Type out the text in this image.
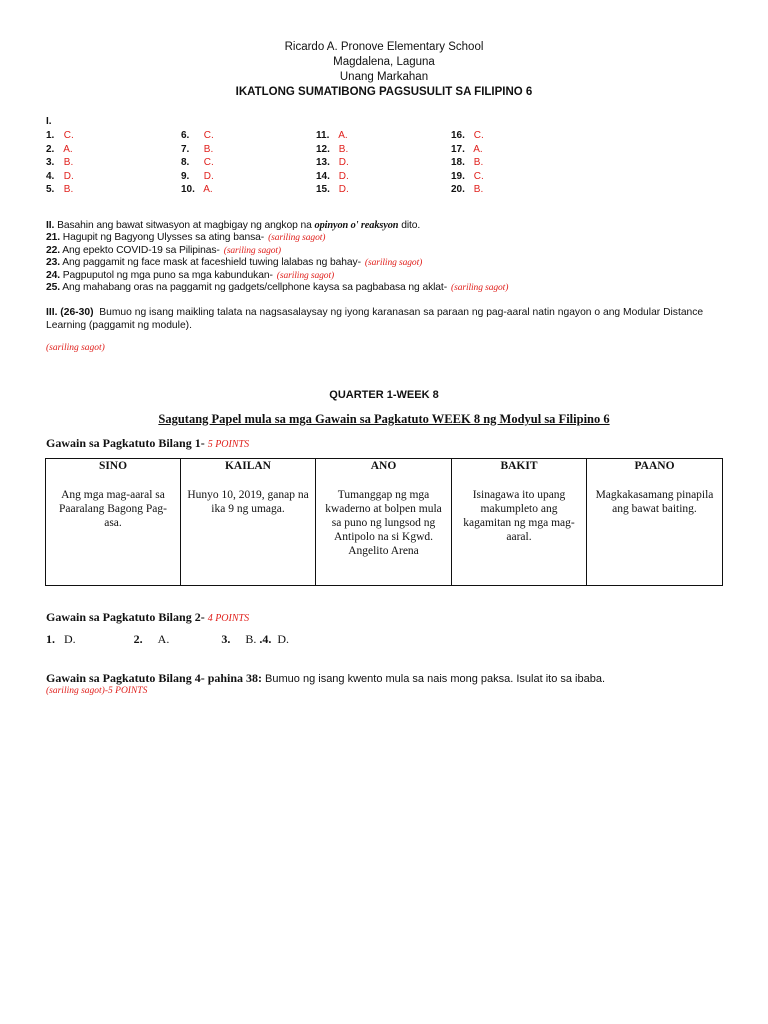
Ricardo A. Pronove Elementary School
Magdalena, Laguna
Unang Markahan
IKATLONG SUMATIBONG PAGSUSULIT SA FILIPINO 6
I.
1. C.
2. A.
3. B.
4. D.
5. B.
6. C.
7. B.
8. C.
9. D.
10. A.
11. A.
12. B.
13. D.
14. D.
15. D.
16. C.
17. A.
18. B.
19. C.
20. B.
II. Basahin ang bawat sitwasyon at magbigay ng angkop na opinyon o' reaksyon dito.
21. Hagupit ng Bagyong Ulysses sa ating bansa- (sariling sagot)
22. Ang epekto COVID-19 sa Pilipinas- (sariling sagot)
23. Ang paggamit ng face mask at faceshield tuwing lalabas ng bahay- (sariling sagot)
24. Pagpuputol ng mga puno sa mga kabundukan- (sariling sagot)
25. Ang mahabang oras na paggamit ng gadgets/cellphone kaysa sa pagbabasa ng aklat- (sariling sagot)
III. (26-30) Bumuo ng isang maikling talata na nagsasalaysay ng iyong karanasan sa paraan ng pag-aaral natin ngayon o ang Modular Distance Learning (paggamit ng module).
(sariling sagot)
QUARTER 1-WEEK 8
Sagutang Papel mula sa mga Gawain sa Pagkatuto WEEK 8 ng Modyul sa Filipino 6
Gawain sa Pagkatuto Bilang 1- 5 POINTS
SINO
Ang mga mag-aaral sa Paaralang Bagong Pag-asa.
KAILAN
Hunyo 10, 2019, ganap na ika 9 ng umaga.
ANO
Tumanggap ng mga kwaderno at bolpen mula sa puno ng lungsod ng Antipolo na si Kgwd. Angelito Arena
BAKIT
Isinagawa ito upang makumpleto ang kagamitan ng mga mag-aaral.
PAANO
Magkakasamang pinapila ang bawat baiting.
Gawain sa Pagkatuto Bilang 2- 4 POINTS
1. D.	2. A.	3. B. .4. D.
Gawain sa Pagkatuto Bilang 4- pahina 38: Bumuo ng isang kwento mula sa nais mong paksa. Isulat ito sa ibaba.
(sariling sagot)-5 POINTS
